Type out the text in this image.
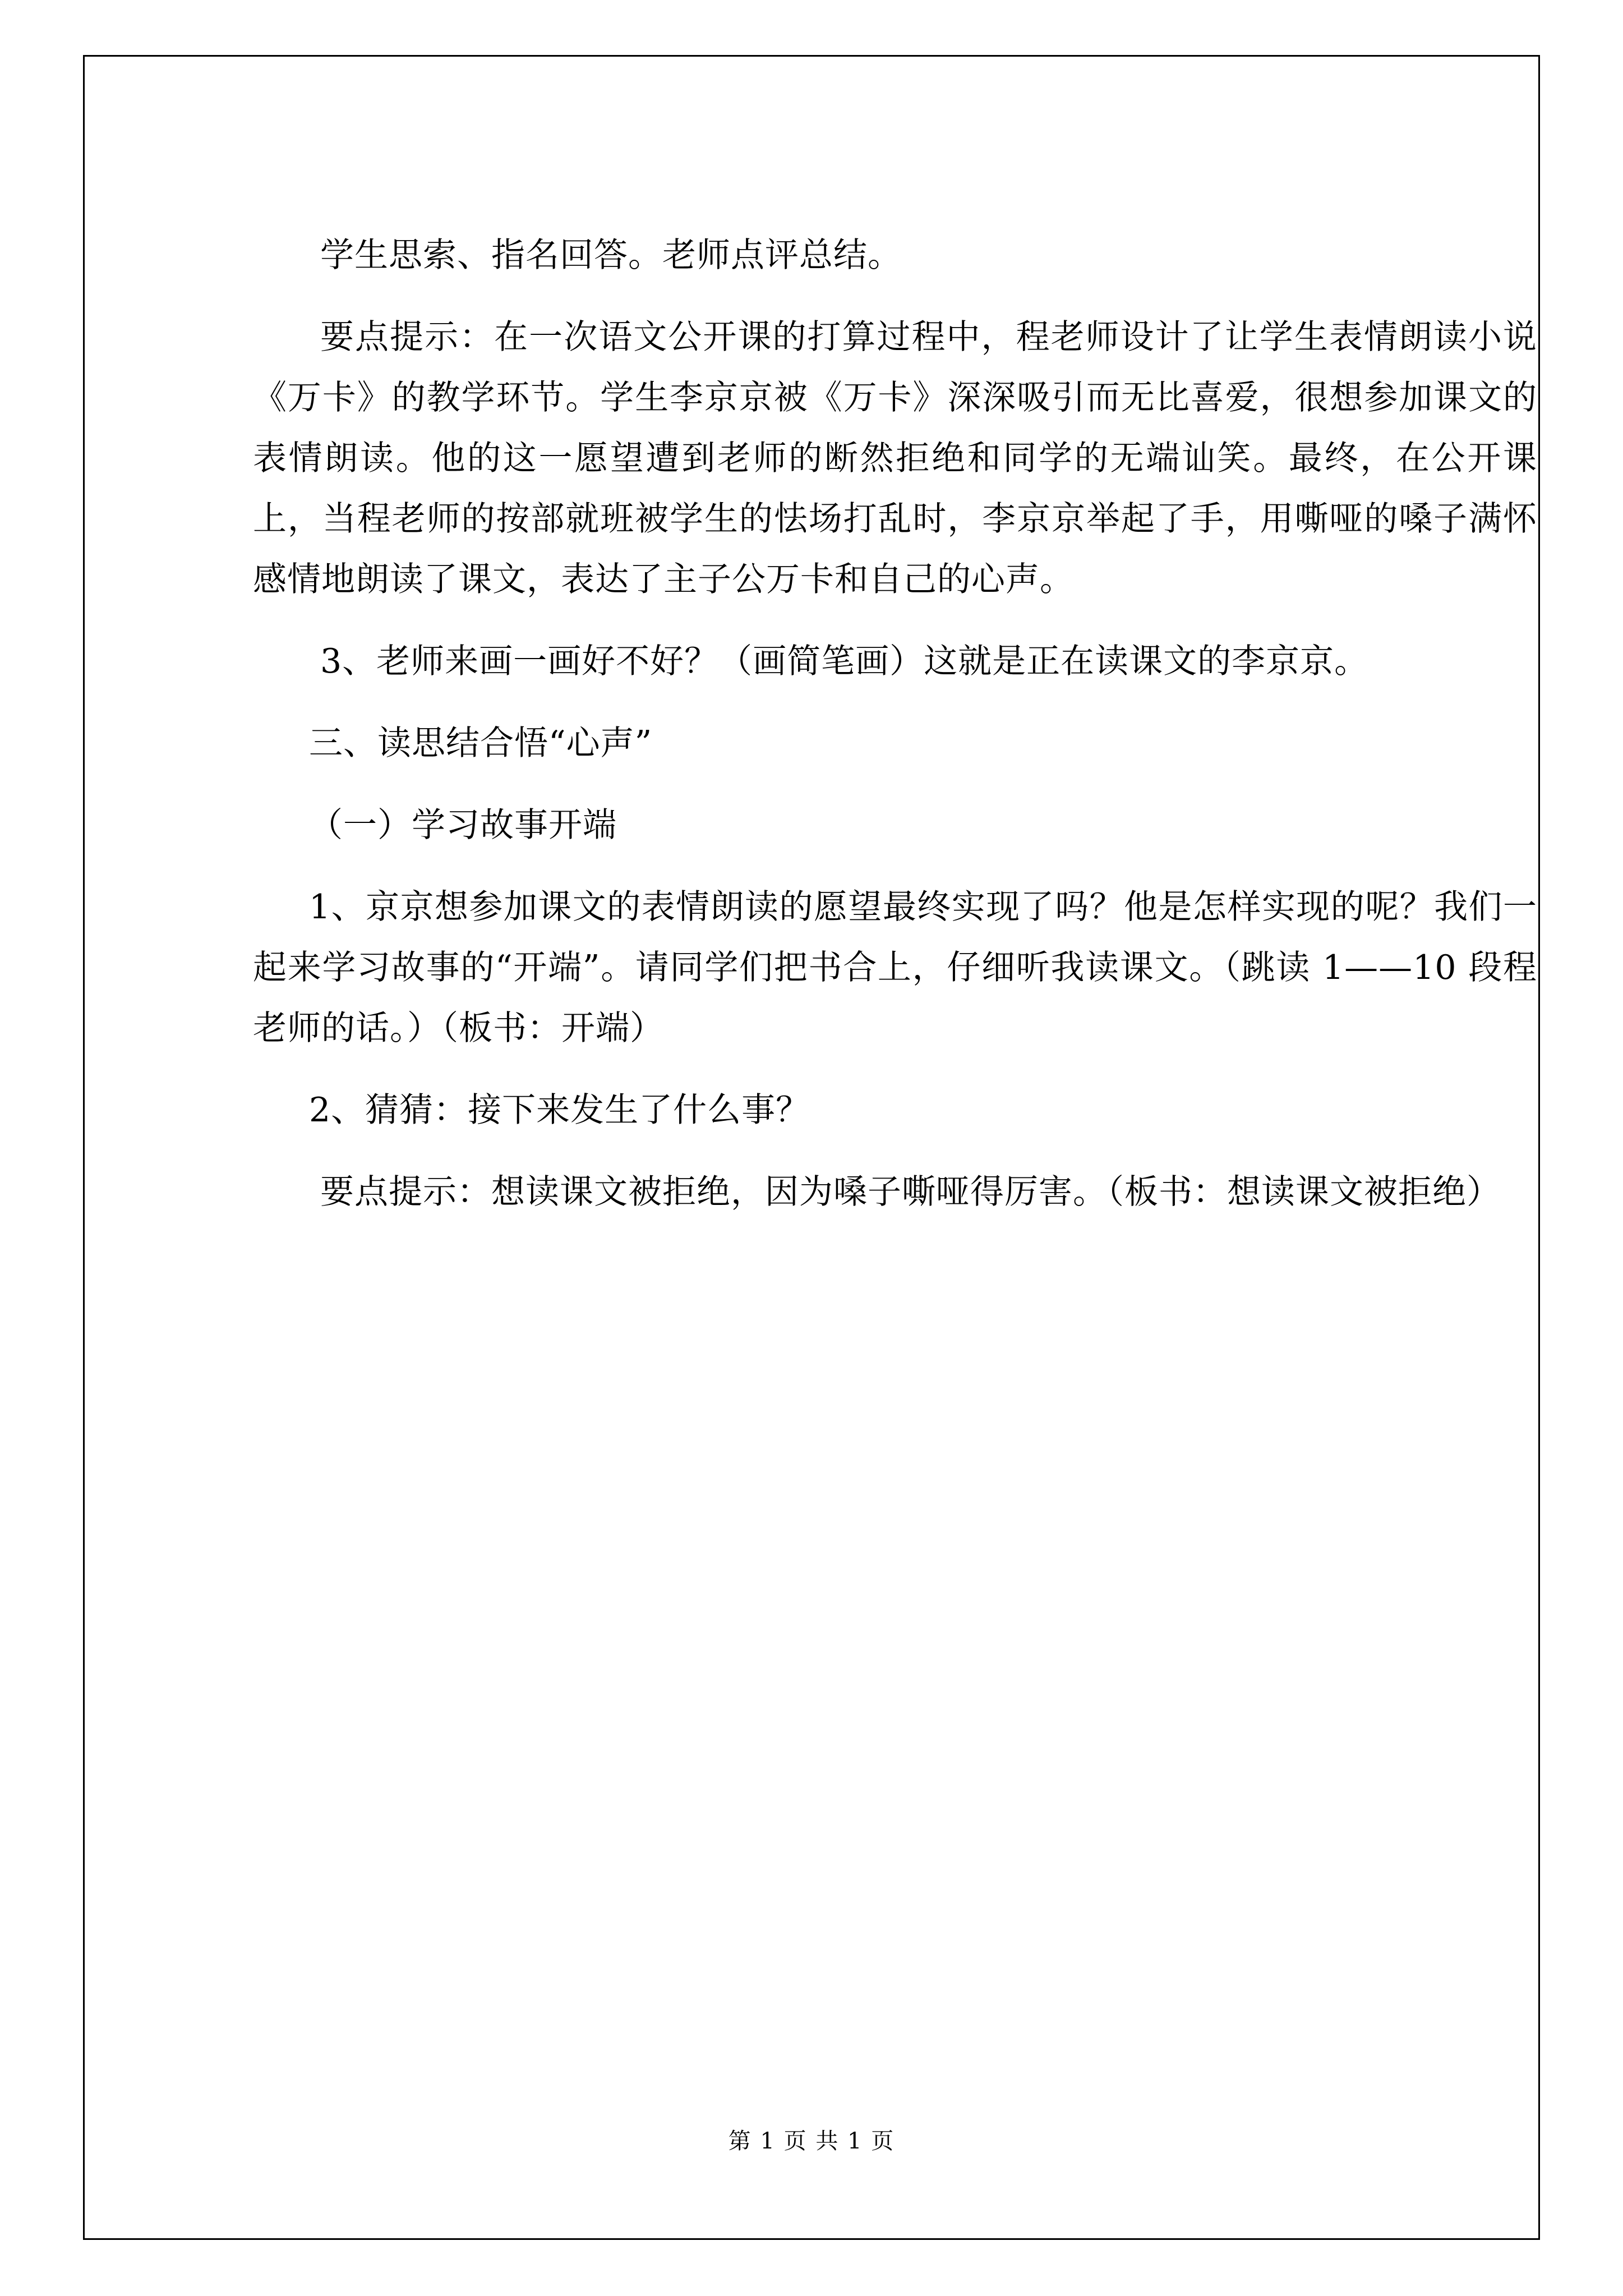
学生思索、指名回答。老师点评总结。

要点提示：在一次语文公开课的打算过程中，程老师设计了让学生表情朗读小说《万卡》的教学环节。学生李京京被《万卡》深深吸引而无比喜爱，很想参加课文的表情朗读。他的这一愿望遭到老师的断然拒绝和同学的无端讪笑。最终，在公开课上，当程老师的按部就班被学生的怯场打乱时，李京京举起了手，用嘶哑的嗓子满怀感情地朗读了课文，表达了主子公万卡和自己的心声。

3、老师来画一画好不好？（画简笔画）这就是正在读课文的李京京。

三、读思结合悟“心声”

（一）学习故事开端

1、京京想参加课文的表情朗读的愿望最终实现了吗？他是怎样实现的呢？我们一起来学习故事的“开端”。请同学们把书合上，仔细听我读课文。（跳读 1——10 段程老师的话。）（板书：开端）

2、猜猜：接下来发生了什么事？

要点提示：想读课文被拒绝，因为嗓子嘶哑得厉害。（板书：想读课文被拒绝）

第 1 页 共 1 页
